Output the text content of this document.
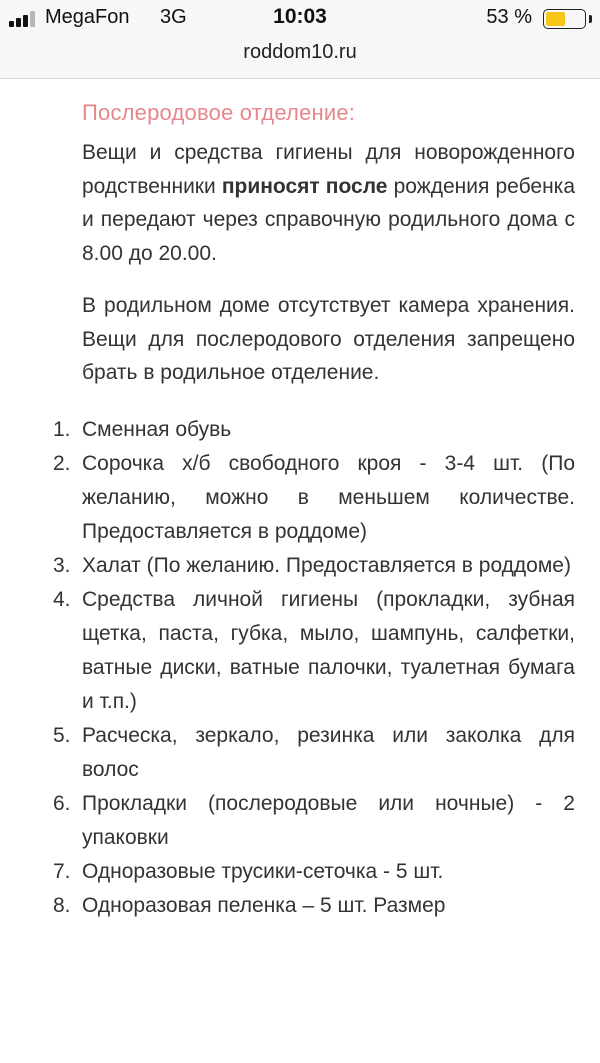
MegaFon 3G	10:03	53 %
roddom10.ru
Послеродовое отделение:

Вещи и средства гигиены для новорожденного родственники приносят после рождения ребенка и передают через справочную родильного дома с 8.00 до 20.00.

В родильном доме отсутствует камера хранения. Вещи для послеродового отделения запрещено брать в родильное отделение.

1. Сменная обувь
2. Сорочка х/б свободного кроя - 3-4 шт. (По желанию, можно в меньшем количестве. Предоставляется в роддоме)
3. Халат (По желанию. Предоставляется в роддоме)
4. Средства личной гигиены (прокладки, зубная щетка, паста, губка, мыло, шампунь, салфетки, ватные диски, ватные палочки, туалетная бумага и т.п.)
5. Расческа, зеркало, резинка или заколка для волос
6. Прокладки (послеродовые или ночные) - 2 упаковки
7. Одноразовые трусики-сеточка - 5 шт.
8. Одноразовая пеленка – 5 шт. Размер
